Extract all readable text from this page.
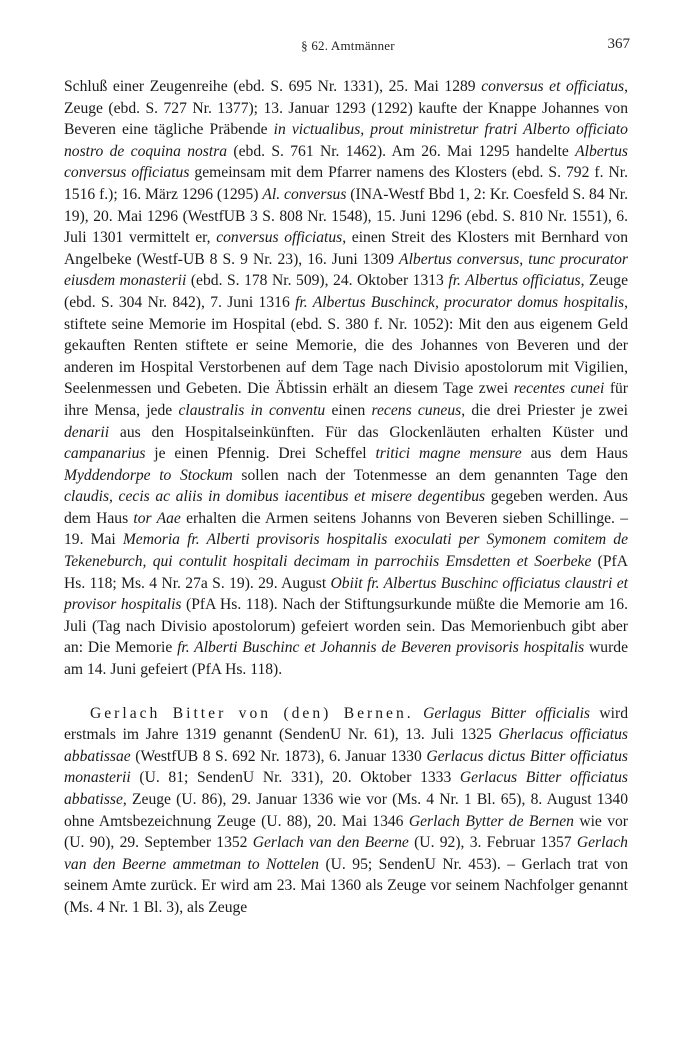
§ 62. Amtmänner	367

Schluß einer Zeugenreihe (ebd. S. 695 Nr. 1331), 25. Mai 1289 conversus et officiatus, Zeuge (ebd. S. 727 Nr. 1377); 13. Januar 1293 (1292) kaufte der Knappe Johannes von Beveren eine tägliche Präbende in victualibus, prout ministretur fratri Alberto officiato nostro de coquina nostra (ebd. S. 761 Nr. 1462). Am 26. Mai 1295 handelte Albertus conversus officiatus gemeinsam mit dem Pfarrer namens des Klosters (ebd. S. 792 f. Nr. 1516 f.); 16. März 1296 (1295) Al. conversus (INA-Westf Bbd 1, 2: Kr. Coesfeld S. 84 Nr. 19), 20. Mai 1296 (WestfUB 3 S. 808 Nr. 1548), 15. Juni 1296 (ebd. S. 810 Nr. 1551), 6. Juli 1301 vermittelt er, conversus officiatus, einen Streit des Klosters mit Bernhard von Angelbeke (Westf-UB 8 S. 9 Nr. 23), 16. Juni 1309 Albertus conversus, tunc procurator eiusdem monasterii (ebd. S. 178 Nr. 509), 24. Oktober 1313 fr. Albertus officiatus, Zeuge (ebd. S. 304 Nr. 842), 7. Juni 1316 fr. Albertus Buschinck, procurator domus hospitalis, stiftete seine Memorie im Hospital (ebd. S. 380 f. Nr. 1052): Mit den aus eigenem Geld gekauften Renten stiftete er seine Memorie, die des Johannes von Beveren und der anderen im Hospital Verstorbenen auf dem Tage nach Divisio apostolorum mit Vigilien, Seelenmessen und Gebeten. Die Äbtissin erhält an diesem Tage zwei recentes cunei für ihre Mensa, jede claustralis in conventu einen recens cuneus, die drei Priester je zwei denarii aus den Hospitalseinkünften. Für das Glockenläuten erhalten Küster und campanarius je einen Pfennig. Drei Scheffel tritici magne mensure aus dem Haus Myddendorpe to Stockum sollen nach der Totenmesse an dem genannten Tage den claudis, cecis ac aliis in domibus iacentibus et misere degentibus gegeben werden. Aus dem Haus tor Aae erhalten die Armen seitens Johanns von Beveren sieben Schillinge. – 19. Mai Memoria fr. Alberti provisoris hospitalis exoculati per Symonem comitem de Tekeneburch, qui contulit hospitali decimam in parrochiis Emsdetten et Soerbeke (PfA Hs. 118; Ms. 4 Nr. 27a S. 19). 29. August Obiit fr. Albertus Buschinc officiatus claustri et provisor hospitalis (PfA Hs. 118). Nach der Stiftungsurkunde müßte die Memorie am 16. Juli (Tag nach Divisio apostolorum) gefeiert worden sein. Das Memorienbuch gibt aber an: Die Memorie fr. Alberti Buschinc et Johannis de Beveren provisoris hospitalis wurde am 14. Juni gefeiert (PfA Hs. 118).

Gerlach Bitter von (den) Bernen. Gerlagus Bitter officialis wird erstmals im Jahre 1319 genannt (SendenU Nr. 61), 13. Juli 1325 Gherlacus officiatus abbatissae (WestfUB 8 S. 692 Nr. 1873), 6. Januar 1330 Gerlacus dictus Bitter officiatus monasterii (U. 81; SendenU Nr. 331), 20. Oktober 1333 Gerlacus Bitter officiatus abbatisse, Zeuge (U. 86), 29. Januar 1336 wie vor (Ms. 4 Nr. 1 Bl. 65), 8. August 1340 ohne Amtsbezeichnung Zeuge (U. 88), 20. Mai 1346 Gerlach Bytter de Bernen wie vor (U. 90), 29. September 1352 Gerlach van den Beerne (U. 92), 3. Februar 1357 Gerlach van den Beerne ammetman to Nottelen (U. 95; SendenU Nr. 453). – Gerlach trat von seinem Amte zurück. Er wird am 23. Mai 1360 als Zeuge vor seinem Nachfolger genannt (Ms. 4 Nr. 1 Bl. 3), als Zeuge
